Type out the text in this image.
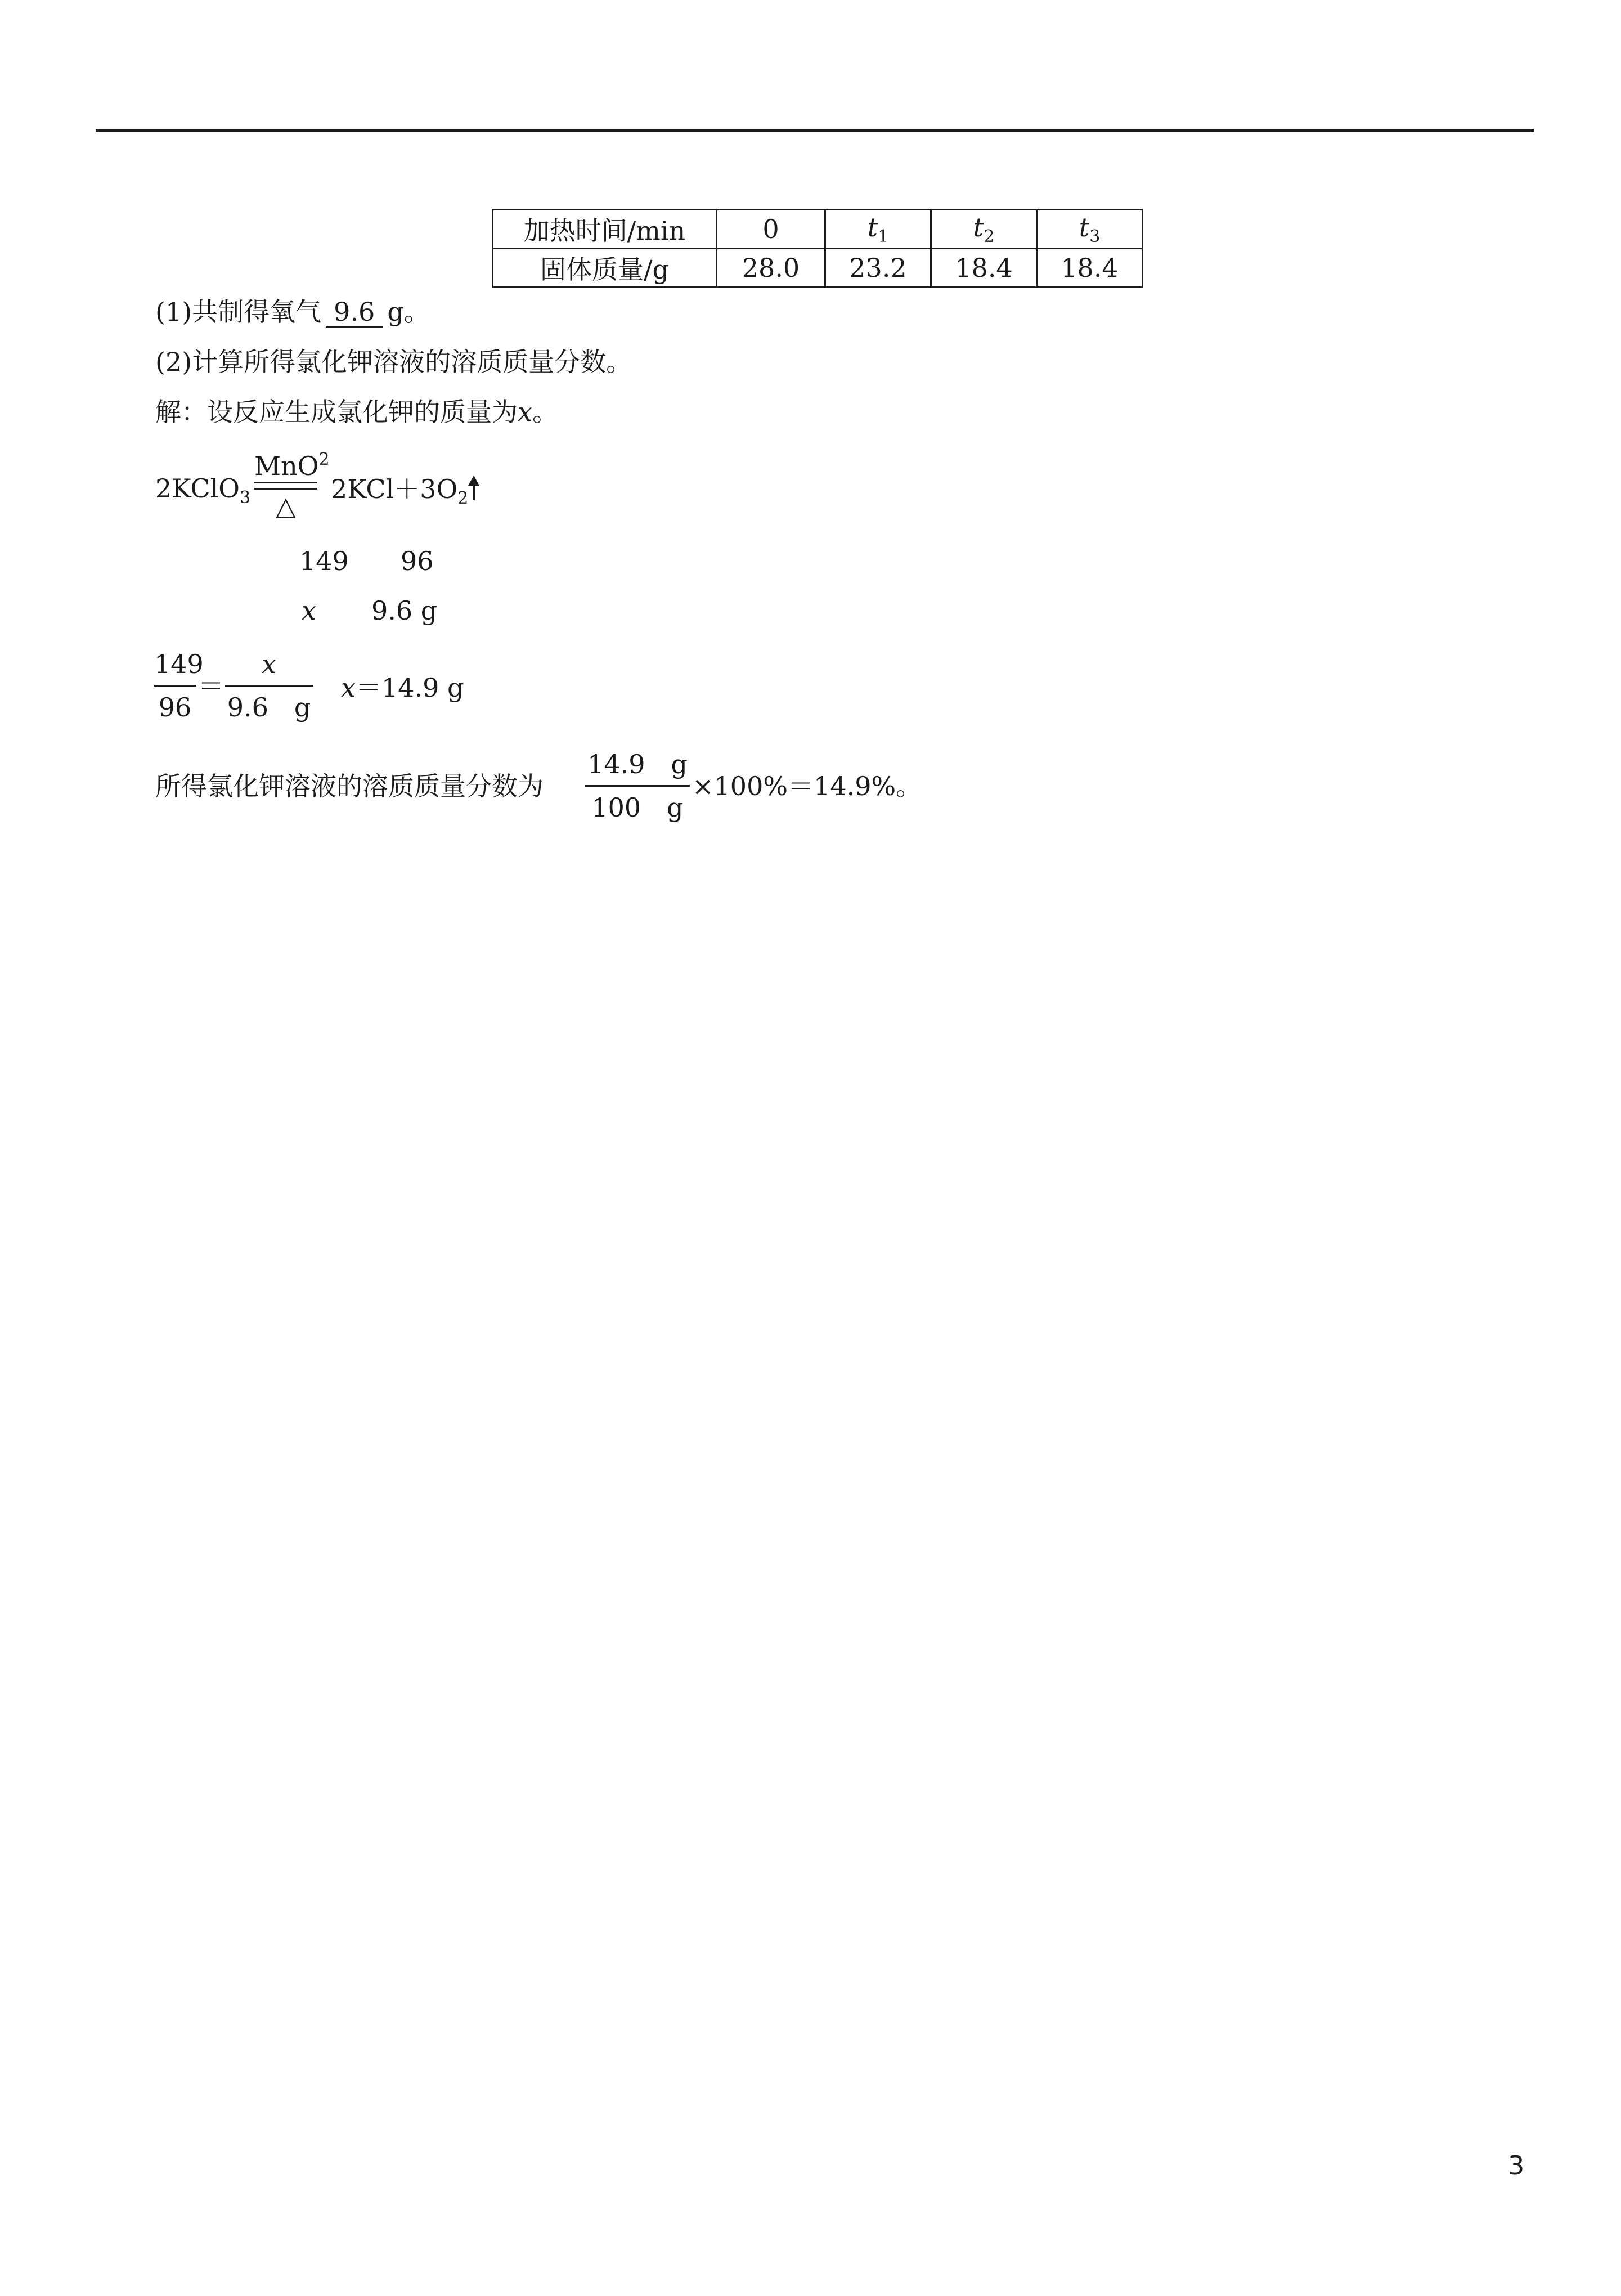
加热时间/min	0	$t_1$	$t_2$	$t_3$
固体质量/g	28.0	23.2	18.4	18.4
(1)共制得氧气 9.6 g。
(2)计算所得氯化钾溶液的溶质质量分数。
解：设反应生成氯化钾的质量为x。
2KClO$_3$
MnO$^2$
△
$2KCl+3O_2$
149 96
x 9.6 g
149
96
＝
x
9.6　g
x＝14.9 g
所得氯化钾溶液的溶质质量分数为
14.9　g
100　g
×100%＝14.9%。
3
